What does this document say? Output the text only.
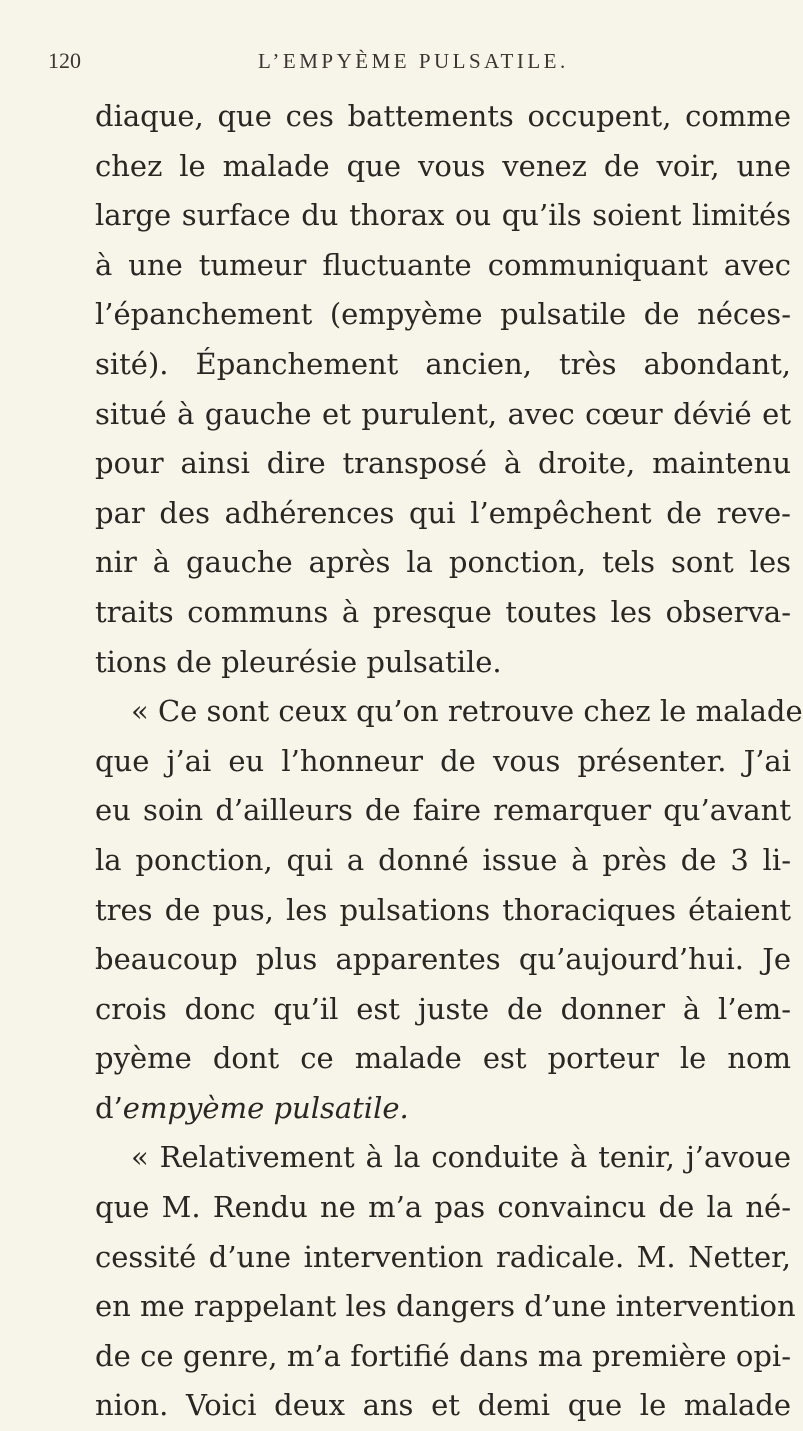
120	L’EMPYÈME PULSATILE.
diaque, que ces battements occupent, comme
chez le malade que vous venez de voir, une
large surface du thorax ou qu’ils soient limités
à une tumeur fluctuante communiquant avec
l’épanchement (empyème pulsatile de néces-
sité). Épanchement ancien, très abondant,
situé à gauche et purulent, avec cœur dévié et
pour ainsi dire transposé à droite, maintenu
par des adhérences qui l’empêchent de reve-
nir à gauche après la ponction, tels sont les
traits communs à presque toutes les observa-
tions de pleurésie pulsatile.
« Ce sont ceux qu’on retrouve chez le malade
que j’ai eu l’honneur de vous présenter. J’ai
eu soin d’ailleurs de faire remarquer qu’avant
la ponction, qui a donné issue à près de 3 li-
tres de pus, les pulsations thoraciques étaient
beaucoup plus apparentes qu’aujourd’hui. Je
crois donc qu’il est juste de donner à l’em-
pyème dont ce malade est porteur le nom
d’empyème pulsatile.
« Relativement à la conduite à tenir, j’avoue
que M. Rendu ne m’a pas convaincu de la né-
cessité d’une intervention radicale. M. Netter,
en me rappelant les dangers d’une intervention
de ce genre, m’a fortifié dans ma première opi-
nion. Voici deux ans et demi que le malade
